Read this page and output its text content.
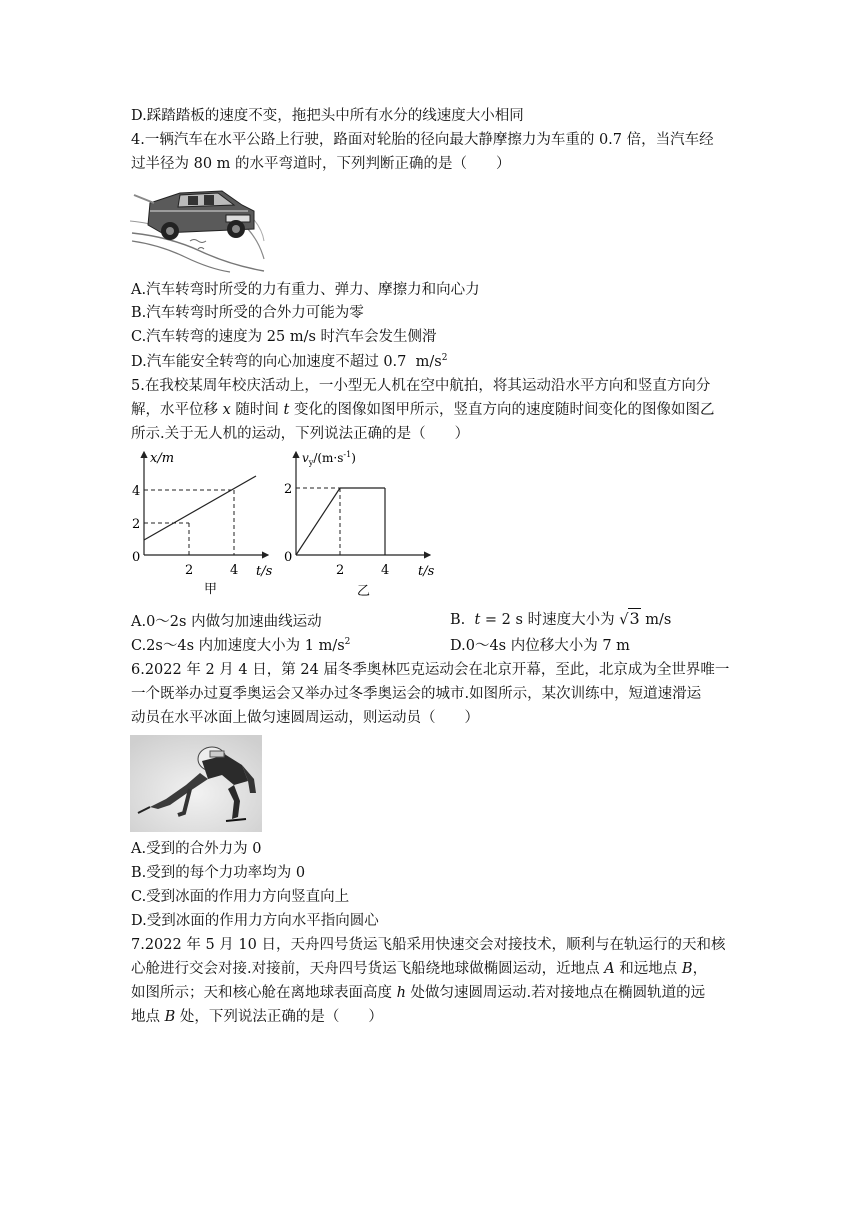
D.踩踏踏板的速度不变，拖把头中所有水分的线速度大小相同
4.一辆汽车在水平公路上行驶，路面对轮胎的径向最大静摩擦力为车重的 0.7 倍，当汽车经
过半径为 80 m 的水平弯道时，下列判断正确的是（　　）
A.汽车转弯时所受的力有重力、弹力、摩擦力和向心力
B.汽车转弯时所受的合外力可能为零
C.汽车转弯的速度为 25 m/s 时汽车会发生侧滑
D.汽车能安全转弯的向心加速度不超过 0.7 $m/s^2$
5.在我校某周年校庆活动上，一小型无人机在空中航拍，将其运动沿水平方向和竖直方向分
解，水平位移 x 随时间 t 变化的图像如图甲所示，竖直方向的速度随时间变化的图像如图乙
所示.关于无人机的运动，下列说法正确的是（　　）
x/m
t/s
4
2
0
2	4
甲
$v_y/(m\cdot s^{-1})$
t/s
2
0
2	4
乙
A.0～2s 内做匀加速曲线运动	B. t = 2 s 时速度大小为 √3 m/s
C.2s～4s 内加速度大小为 1 $m/s^2$	D.0～4s 内位移大小为 7 m
6.2022 年 2 月 4 日，第 24 届冬季奥林匹克运动会在北京开幕，至此，北京成为全世界唯一
一个既举办过夏季奥运会又举办过冬季奥运会的城市.如图所示，某次训练中，短道速滑运
动员在水平冰面上做匀速圆周运动，则运动员（　　）
A.受到的合外力为 0
B.受到的每个力功率均为 0
C.受到冰面的作用力方向竖直向上
D.受到冰面的作用力方向水平指向圆心
7.2022 年 5 月 10 日，天舟四号货运飞船采用快速交会对接技术，顺利与在轨运行的天和核
心舱进行交会对接.对接前，天舟四号货运飞船绕地球做椭圆运动，近地点 A 和远地点 B，
如图所示；天和核心舱在离地球表面高度 h 处做匀速圆周运动.若对接地点在椭圆轨道的远
地点 B 处，下列说法正确的是（　　）
